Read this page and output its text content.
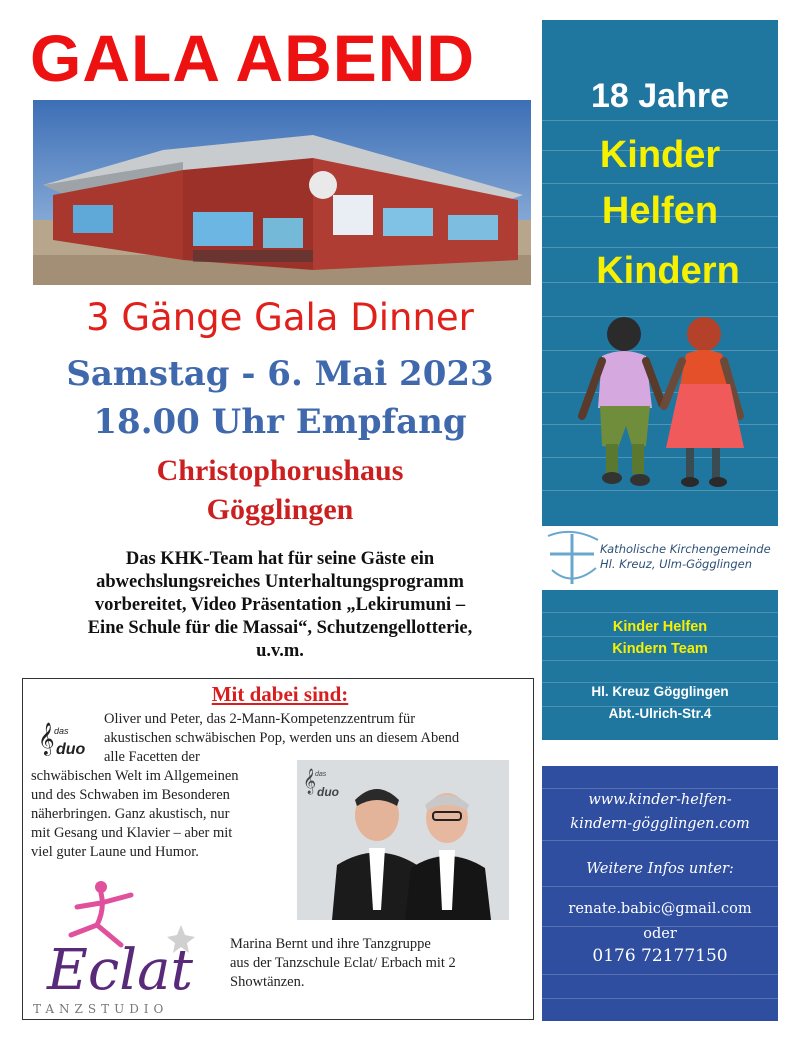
GALA ABEND
3 Gänge Gala Dinner
Samstag - 6. Mai 2023
18.00 Uhr Empfang
Christophorushaus
Gögglingen
Das KHK-Team hat für seine Gäste ein
abwechslungsreiches Unterhaltungsprogramm
vorbereitet, Video Präsentation „Lekirumuni –
Eine Schule für die Massai“, Schutzengellotterie,
u.v.m.
Mit dabei sind:
𝄞 das
duo
Oliver und Peter, das 2-Mann-Kompetenzzentrum für
akustischen schwäbischen Pop, werden uns an diesem Abend
alle Facetten der
schwäbischen Welt im Allgemeinen
und des Schwaben im Besonderen
näherbringen. Ganz akustisch, nur
mit Gesang und Klavier – aber mit
viel guter Laune und Humor.
𝄞
das
duo
Eclat
TANZSTUDIO
Marina Bernt und ihre Tanzgruppe
aus der Tanzschule Eclat/ Erbach mit 2
Showtänzen.
18 Jahre
Kinder
Helfen
Kindern
Katholische Kirchengemeinde
Hl. Kreuz, Ulm-Gögglingen
Kinder Helfen
Kindern Team
Hl. Kreuz Gögglingen
Abt.-Ulrich-Str.4
www.kinder-helfen-
kindern-gögglingen.com
Weitere Infos unter:
renate.babic@gmail.com
oder
0176 72177150
